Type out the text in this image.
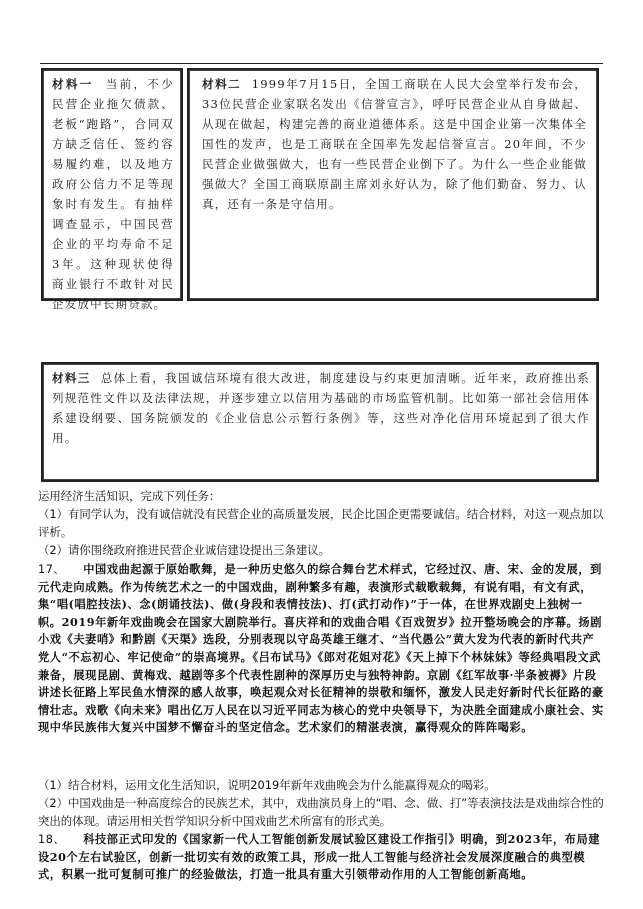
材料一 当前，不少民营企业拖欠债款、老板“跑路”，合同双方缺乏信任、签约容易履约难，以及地方政府公信力不足等现象时有发生。有抽样调查显示，中国民营企业的平均寿命不足3年。这种现状使得商业银行不敢针对民企发放中长期贷款。

材料二 1999年7月15日，全国工商联在人民大会堂举行发布会，33位民营企业家联名发出《信誉宣言》，呼吁民营企业从自身做起、从现在做起，构建完善的商业道德体系。这是中国企业第一次集体全国性的发声，也是工商联在全国率先发起信誉宣言。20年间，不少民营企业做强做大，也有一些民营企业倒下了。为什么一些企业能做强做大？全国工商联原副主席刘永好认为，除了他们勤奋、努力、认真，还有一条是守信用。

材料三 总体上看，我国诚信环境有很大改进，制度建设与约束更加清晰。近年来，政府推出系列规范性文件以及法律法规，并逐步建立以信用为基础的市场监管机制。比如第一部社会信用体系建设纲要、国务院颁发的《企业信息公示暂行条例》等，这些对净化信用环境起到了很大作用。

运用经济生活知识，完成下列任务：

（1）有同学认为，没有诚信就没有民营企业的高质量发展，民企比国企更需要诚信。结合材料，对这一观点加以评析。

（2）请你围绕政府推进民营企业诚信建设提出三条建议。

17、 中国戏曲起源于原始歌舞，是一种历史悠久的综合舞台艺术样式，它经过汉、唐、宋、金的发展，到元代走向成熟。作为传统艺术之一的中国戏曲，剧种繁多有趣，表演形式载歌载舞，有说有唱，有文有武，集“唱(唱腔技法)、念(朗诵技法)、做(身段和表情技法)、打(武打动作)”于一体，在世界戏剧史上独树一帜。2019年新年戏曲晚会在国家大剧院举行。喜庆祥和的戏曲合唱《百戏贺岁》拉开整场晚会的序幕。扬剧小戏《夫妻哨》和黔剧《天渠》选段，分别表现以守岛英雄王继才、“当代愚公”黄大发为代表的新时代共产党人“不忘初心、牢记使命”的崇高境界。《吕布试马》《郎对花姐对花》《天上掉下个林妹妹》等经典唱段文武兼备，展现昆剧、黄梅戏、越剧等多个代表性剧种的深厚历史与独特神韵。京剧《红军故事·半条被褥》片段讲述长征路上军民鱼水情深的感人故事，唤起观众对长征精神的崇敬和缅怀，激发人民走好新时代长征路的豪情壮志。戏歌《向未来》唱出亿万人民在以习近平同志为核心的党中央领导下，为决胜全面建成小康社会、实现中华民族伟大复兴中国梦不懈奋斗的坚定信念。艺术家们的精湛表演，赢得观众的阵阵喝彩。

（1）结合材料，运用文化生活知识，说明2019年新年戏曲晚会为什么能赢得观众的喝彩。

（2）中国戏曲是一种高度综合的民族艺术，其中，戏曲演员身上的“唱、念、做、打”等表演技法是戏曲综合性的突出的体现。请运用相关哲学知识分析中国戏曲艺术所富有的形式美。

18、 科技部正式印发的《国家新一代人工智能创新发展试验区建设工作指引》明确，到2023年，布局建设20个左右试验区，创新一批切实有效的政策工具，形成一批人工智能与经济社会发展深度融合的典型模式，积累一批可复制可推广的经验做法，打造一批具有重大引领带动作用的人工智能创新高地。
